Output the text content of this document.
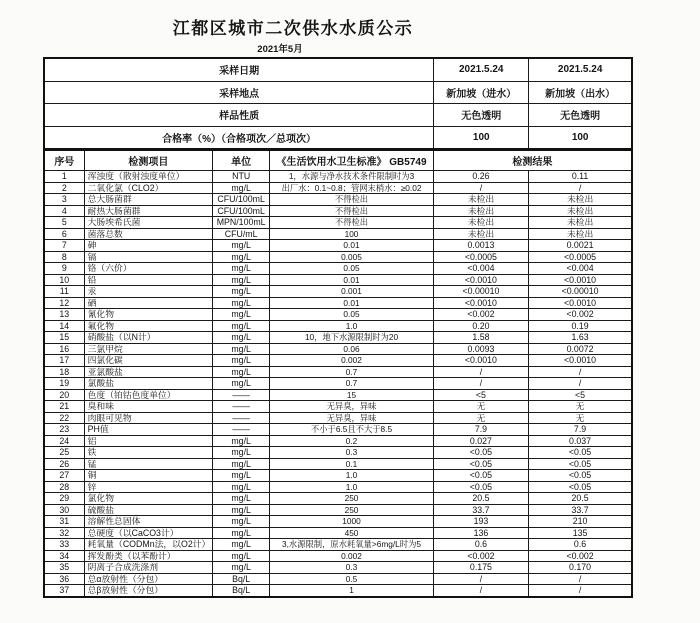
江都区城市二次供水水质公示
2021年5月
采样日期	2021.5.24	2021.5.24
采样地点	新加坡（进水）	新加坡（出水）
样品性质	无色透明	无色透明
合格率（%）（合格项次／总项次）	100	100
序号	检测项目	单位	《生活饮用水卫生标准》 GB5749	检测结果	
1	浑浊度（散射浊度单位）	NTU	1，水源与净水技术条件限制时为3	0.26	0.11
2	二氧化氯（CLO2）	mg/L	出厂水：0.1~0.8；管网末梢水：≥0.02	/	/
3	总大肠菌群	CFU/100mL	不得检出	未检出	未检出
4	耐热大肠菌群	CFU/100mL	不得检出	未检出	未检出
5	大肠埃希氏菌	MPN/100mL	不得检出	未检出	未检出
6	菌落总数	CFU/mL	100	未检出	未检出
7	砷	mg/L	0.01	0.0013	0.0021
8	镉	mg/L	0.005	<0.0005	<0.0005
9	铬（六价）	mg/L	0.05	<0.004	<0.004
10	铅	mg/L	0.01	<0.0010	<0.0010
11	汞	mg/L	0.001	<0.00010	<0.00010
12	硒	mg/L	0.01	<0.0010	<0.0010
13	氰化物	mg/L	0.05	<0.002	<0.002
14	氟化物	mg/L	1.0	0.20	0.19
15	硝酸盐（以N计）	mg/L	10，地下水源限制时为20	1.58	1.63
16	三氯甲烷	mg/L	0.06	0.0093	0.0072
17	四氯化碳	mg/L	0.002	<0.0010	<0.0010
18	亚氯酸盐	mg/L	0.7	/	/
19	氯酸盐	mg/L	0.7	/	/
20	色度（铂钴色度单位）	——	15	<5	<5
21	臭和味	——	无异臭，异味	无	无
22	肉眼可见物	——	无异臭，异味	无	无
23	PH值	——	不小于6.5且不大于8.5	7.9	7.9
24	铝	mg/L	0.2	0.027	0.037
25	铁	mg/L	0.3	<0.05	<0.05
26	锰	mg/L	0.1	<0.05	<0.05
27	铜	mg/L	1.0	<0.05	<0.05
28	锌	mg/L	1.0	<0.05	<0.05
29	氯化物	mg/L	250	20.5	20.5
30	硫酸盐	mg/L	250	33.7	33.7
31	溶解性总固体	mg/L	1000	193	210
32	总硬度（以CaCO3计）	mg/L	450	136	135
33	耗氧量（CODMn法，以O2计）	mg/L	3,水源限制，原水耗氧量>6mg/L时为5	0.6	0.6
34	挥发酚类（以苯酚计）	mg/L	0.002	<0.002	<0.002
35	阴离子合成洗涤剂	mg/L	0.3	0.175	0.170
36	总α放射性（分包）	Bq/L	0.5	/	/
37	总β放射性（分包）	Bq/L	1	/	/
